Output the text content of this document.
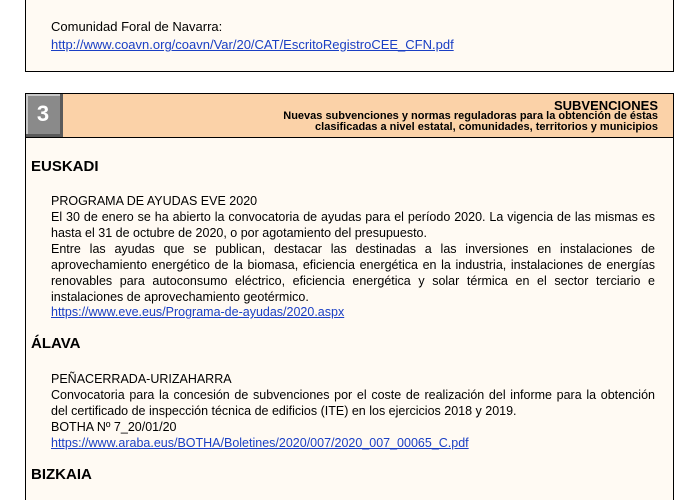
Comunidad Foral de Navarra:
http://www.coavn.org/coavn/Var/20/CAT/EscritoRegistroCEE_CFN.pdf
3	SUBVENCIONES
Nuevas subvenciones y normas reguladoras para la obtención de éstas clasificadas a nivel estatal, comunidades, territorios y municipios
EUSKADI
PROGRAMA DE AYUDAS EVE 2020
El 30 de enero se ha abierto la convocatoria de ayudas para el período 2020. La vigencia de las mismas es hasta el 31 de octubre de 2020, o por agotamiento del presupuesto.
Entre las ayudas que se publican, destacar las destinadas a las inversiones en instalaciones de aprovechamiento energético de la biomasa, eficiencia energética en la industria, instalaciones de energías renovables para autoconsumo eléctrico, eficiencia energética y solar térmica en el sector terciario e instalaciones de aprovechamiento geotérmico.
https://www.eve.eus/Programa-de-ayudas/2020.aspx
ÁLAVA
PEÑACERRADA-URIZAHARRA
Convocatoria para la concesión de subvenciones por el coste de realización del informe para la obtención del certificado de inspección técnica de edificios (ITE) en los ejercicios 2018 y 2019.
BOTHA Nº 7_20/01/20
https://www.araba.eus/BOTHA/Boletines/2020/007/2020_007_00065_C.pdf
BIZKAIA
